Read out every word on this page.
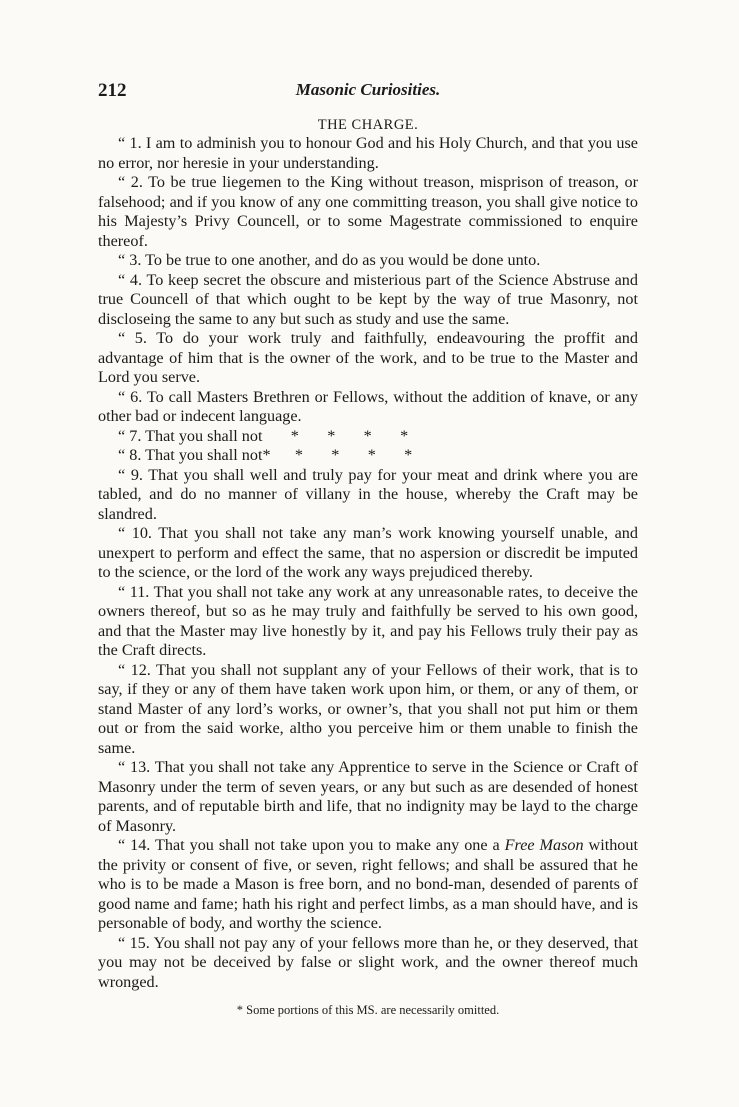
212	Masonic Curiosities.
THE CHARGE.

“ 1. I am to adminish you to honour God and his Holy Church, and that you use no error, nor heresie in your understanding.

“ 2. To be true liegemen to the King without treason, misprison of treason, or falsehood; and if you know of any one committing treason, you shall give notice to his Majesty’s Privy Councell, or to some Magestrate commissioned to enquire thereof.

“ 3. To be true to one another, and do as you would be done unto.

“ 4. To keep secret the obscure and misterious part of the Science Abstruse and true Councell of that which ought to be kept by the way of true Masonry, not discloseing the same to any but such as study and use the same.

“ 5. To do your work truly and faithfully, endeavouring the proffit and advantage of him that is the owner of the work, and to be true to the Master and Lord you serve.

“ 6. To call Masters Brethren or Fellows, without the addition of knave, or any other bad or indecent language.

“ 7. That you shall not       *       *       *       *

“ 8. That you shall not*      *       *       *       *

“ 9. That you shall well and truly pay for your meat and drink where you are tabled, and do no manner of villany in the house, whereby the Craft may be slandred.

“ 10. That you shall not take any man’s work knowing yourself unable, and unexpert to perform and effect the same, that no aspersion or discredit be imputed to the science, or the lord of the work any ways prejudiced thereby.

“ 11. That you shall not take any work at any unreasonable rates, to deceive the owners thereof, but so as he may truly and faithfully be served to his own good, and that the Master may live honestly by it, and pay his Fellows truly their pay as the Craft directs.

“ 12. That you shall not supplant any of your Fellows of their work, that is to say, if they or any of them have taken work upon him, or them, or any of them, or stand Master of any lord’s works, or owner’s, that you shall not put him or them out or from the said worke, altho you perceive him or them unable to finish the same.

“ 13. That you shall not take any Apprentice to serve in the Science or Craft of Masonry under the term of seven years, or any but such as are desended of honest parents, and of reputable birth and life, that no indignity may be layd to the charge of Masonry.

“ 14. That you shall not take upon you to make any one a Free Mason without the privity or consent of five, or seven, right fellows; and shall be assured that he who is to be made a Mason is free born, and no bond-man, desended of parents of good name and fame; hath his right and perfect limbs, as a man should have, and is personable of body, and worthy the science.

“ 15. You shall not pay any of your fellows more than he, or they deserved, that you may not be deceived by false or slight work, and the owner thereof much wronged.

* Some portions of this MS. are necessarily omitted.
